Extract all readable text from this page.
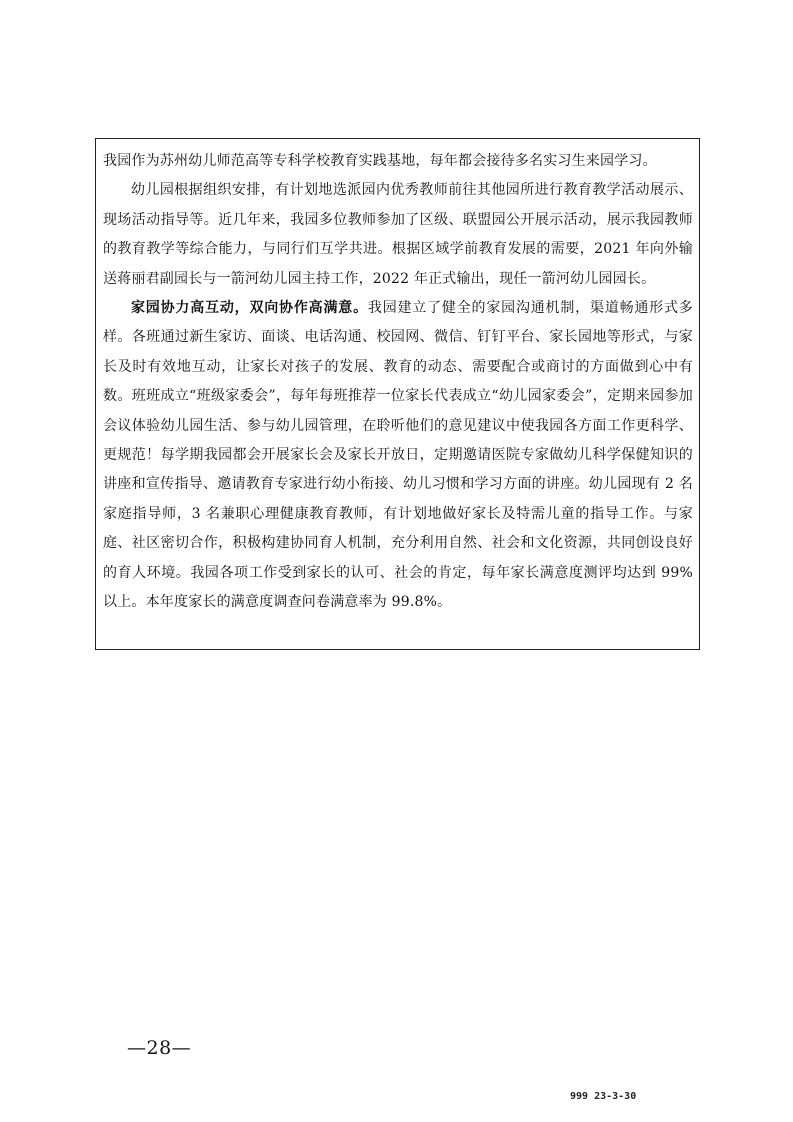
我园作为苏州幼儿师范高等专科学校教育实践基地，每年都会接待多名实习生来园学习。

幼儿园根据组织安排，有计划地选派园内优秀教师前往其他园所进行教育教学活动展示、现场活动指导等。近几年来，我园多位教师参加了区级、联盟园公开展示活动，展示我园教师的教育教学等综合能力，与同行们互学共进。根据区域学前教育发展的需要，2021 年向外输送蒋丽君副园长与一箭河幼儿园主持工作，2022 年正式输出，现任一箭河幼儿园园长。

家园协力高互动，双向协作高满意。我园建立了健全的家园沟通机制，渠道畅通形式多样。各班通过新生家访、面谈、电话沟通、校园网、微信、钉钉平台、家长园地等形式，与家长及时有效地互动，让家长对孩子的发展、教育的动态、需要配合或商讨的方面做到心中有数。班班成立“班级家委会”，每年每班推荐一位家长代表成立“幼儿园家委会”，定期来园参加会议体验幼儿园生活、参与幼儿园管理，在聆听他们的意见建议中使我园各方面工作更科学、更规范！每学期我园都会开展家长会及家长开放日，定期邀请医院专家做幼儿科学保健知识的讲座和宣传指导、邀请教育专家进行幼小衔接、幼儿习惯和学习方面的讲座。幼儿园现有 2 名家庭指导师，3 名兼职心理健康教育教师，有计划地做好家长及特需儿童的指导工作。与家庭、社区密切合作，积极构建协同育人机制，充分利用自然、社会和文化资源，共同创设良好的育人环境。我园各项工作受到家长的认可、社会的肯定，每年家长满意度测评均达到 99%以上。本年度家长的满意度调查问卷满意率为 99.8%。

—28—
999 23-3-30
